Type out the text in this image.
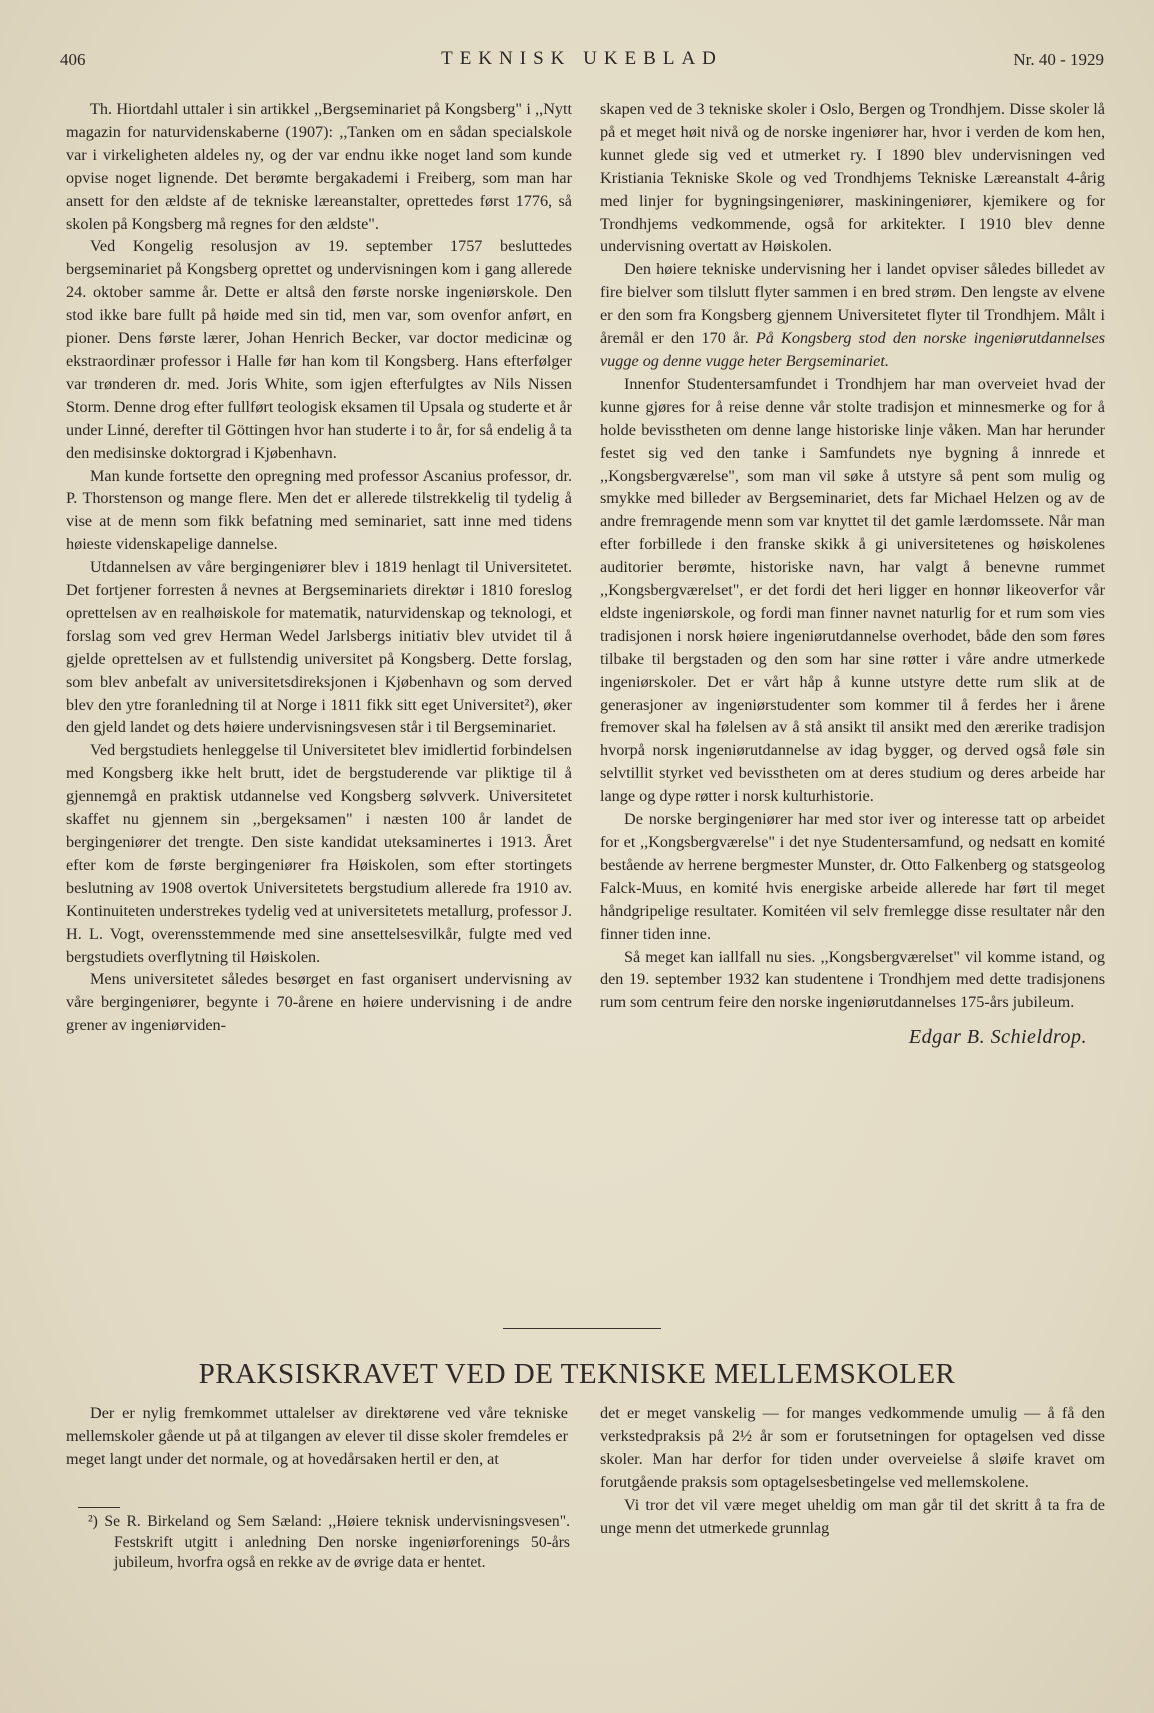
406	TEKNISK UKEBLAD	Nr. 40 - 1929

Th. Hiortdahl uttaler i sin artikkel ,,Bergseminariet på Kongsberg" i ,,Nytt magazin for naturvidenskaberne (1907): ,,Tanken om en sådan specialskole var i virkeligheten aldeles ny, og der var endnu ikke noget land som kunde opvise noget lignende. Det berømte bergakademi i Freiberg, som man har ansett for den ældste af de tekniske læreanstalter, oprettedes først 1776, så skolen på Kongsberg må regnes for den ældste".

Ved Kongelig resolusjon av 19. september 1757 besluttedes bergseminariet på Kongsberg oprettet og undervisningen kom i gang allerede 24. oktober samme år. Dette er altså den første norske ingeniørskole. Den stod ikke bare fullt på høide med sin tid, men var, som ovenfor anført, en pioner. Dens første lærer, Johan Henrich Becker, var doctor medicinæ og ekstraordinær professor i Halle før han kom til Kongsberg. Hans efterfølger var trønderen dr. med. Joris White, som igjen efterfulgtes av Nils Nissen Storm. Denne drog efter fullført teologisk eksamen til Upsala og studerte et år under Linné, derefter til Göttingen hvor han studerte i to år, for så endelig å ta den medisinske doktorgrad i Kjøbenhavn.

Man kunde fortsette den opregning med professor Ascanius professor, dr. P. Thorstenson og mange flere. Men det er allerede tilstrekkelig til tydelig å vise at de menn som fikk befatning med seminariet, satt inne med tidens høieste videnskapelige dannelse.

Utdannelsen av våre bergingeniører blev i 1819 henlagt til Universitetet. Det fortjener forresten å nevnes at Bergseminariets direktør i 1810 foreslog oprettelsen av en realhøiskole for matematik, naturvidenskap og teknologi, et forslag som ved grev Herman Wedel Jarlsbergs initiativ blev utvidet til å gjelde oprettelsen av et fullstendig universitet på Kongsberg. Dette forslag, som blev anbefalt av universitetsdireksjonen i Kjøbenhavn og som derved blev den ytre foranledning til at Norge i 1811 fikk sitt eget Universitet²), øker den gjeld landet og dets høiere undervisningsvesen står i til Bergseminariet.

Ved bergstudiets henleggelse til Universitetet blev imidlertid forbindelsen med Kongsberg ikke helt brutt, idet de bergstuderende var pliktige til å gjennemgå en praktisk utdannelse ved Kongsberg sølvverk. Universitetet skaffet nu gjennem sin ,,bergeksamen" i næsten 100 år landet de bergingeniører det trengte. Den siste kandidat uteksaminertes i 1913. Året efter kom de første bergingeniører fra Høiskolen, som efter stortingets beslutning av 1908 overtok Universitetets bergstudium allerede fra 1910 av. Kontinuiteten understrekes tydelig ved at universitetets metallurg, professor J. H. L. Vogt, overensstemmende med sine ansettelsesvilkår, fulgte med ved bergstudiets overflytning til Høiskolen.

Mens universitetet således besørget en fast organisert undervisning av våre bergingeniører, begynte i 70-årene en høiere undervisning i de andre grener av ingeniørviden-

skapen ved de 3 tekniske skoler i Oslo, Bergen og Trondhjem. Disse skoler lå på et meget høit nivå og de norske ingeniører har, hvor i verden de kom hen, kunnet glede sig ved et utmerket ry. I 1890 blev undervisningen ved Kristiania Tekniske Skole og ved Trondhjems Tekniske Læreanstalt 4-årig med linjer for bygningsingeniører, maskiningeniører, kjemikere og for Trondhjems vedkommende, også for arkitekter. I 1910 blev denne undervisning overtatt av Høiskolen.

Den høiere tekniske undervisning her i landet opviser således billedet av fire bielver som tilslutt flyter sammen i en bred strøm. Den lengste av elvene er den som fra Kongsberg gjennem Universitetet flyter til Trondhjem. Målt i åremål er den 170 år. På Kongsberg stod den norske ingeniørutdannelses vugge og denne vugge heter Bergseminariet.

Innenfor Studentersamfundet i Trondhjem har man overveiet hvad der kunne gjøres for å reise denne vår stolte tradisjon et minnesmerke og for å holde bevisstheten om denne lange historiske linje våken. Man har herunder festet sig ved den tanke i Samfundets nye bygning å innrede et ,,Kongsbergværelse", som man vil søke å utstyre så pent som mulig og smykke med billeder av Bergseminariet, dets far Michael Helzen og av de andre fremragende menn som var knyttet til det gamle lærdomssete. Når man efter forbillede i den franske skikk å gi universitetenes og høiskolenes auditorier berømte, historiske navn, har valgt å benevne rummet ,,Kongsbergværelset", er det fordi det heri ligger en honnør likeoverfor vår eldste ingeniørskole, og fordi man finner navnet naturlig for et rum som vies tradisjonen i norsk høiere ingeniørutdannelse overhodet, både den som føres tilbake til bergstaden og den som har sine røtter i våre andre utmerkede ingeniørskoler. Det er vårt håp å kunne utstyre dette rum slik at de generasjoner av ingeniørstudenter som kommer til å ferdes her i årene fremover skal ha følelsen av å stå ansikt til ansikt med den ærerike tradisjon hvorpå norsk ingeniørutdannelse av idag bygger, og derved også føle sin selvtillit styrket ved bevisstheten om at deres studium og deres arbeide har lange og dype røtter i norsk kulturhistorie.

De norske bergingeniører har med stor iver og interesse tatt op arbeidet for et ,,Kongsbergværelse" i det nye Studentersamfund, og nedsatt en komité bestående av herrene bergmester Munster, dr. Otto Falkenberg og statsgeolog Falck-Muus, en komité hvis energiske arbeide allerede har ført til meget håndgripelige resultater. Komitéen vil selv fremlegge disse resultater når den finner tiden inne.

Så meget kan iallfall nu sies. ,,Kongsbergværelset" vil komme istand, og den 19. september 1932 kan studentene i Trondhjem med dette tradisjonens rum som centrum feire den norske ingeniørutdannelses 175-års jubileum.

Edgar B. Schieldrop.
PRAKSISKRAVET VED DE TEKNISKE MELLEMSKOLER

Der er nylig fremkommet uttalelser av direktørene ved våre tekniske mellemskoler gående ut på at tilgangen av elever til disse skoler fremdeles er meget langt under det normale, og at hovedårsaken hertil er den, at

det er meget vanskelig — for manges vedkommende umulig — å få den verkstedpraksis på 2½ år som er forutsetningen for optagelsen ved disse skoler. Man har derfor for tiden under overveielse å sløife kravet om forutgående praksis som optagelsesbetingelse ved mellemskolene.

Vi tror det vil være meget uheldig om man går til det skritt å ta fra de unge menn det utmerkede grunnlag

²) Se R. Birkeland og Sem Sæland: ,,Høiere teknisk undervisningsvesen". Festskrift utgitt i anledning Den norske ingeniørforenings 50-års jubileum, hvorfra også en rekke av de øvrige data er hentet.
